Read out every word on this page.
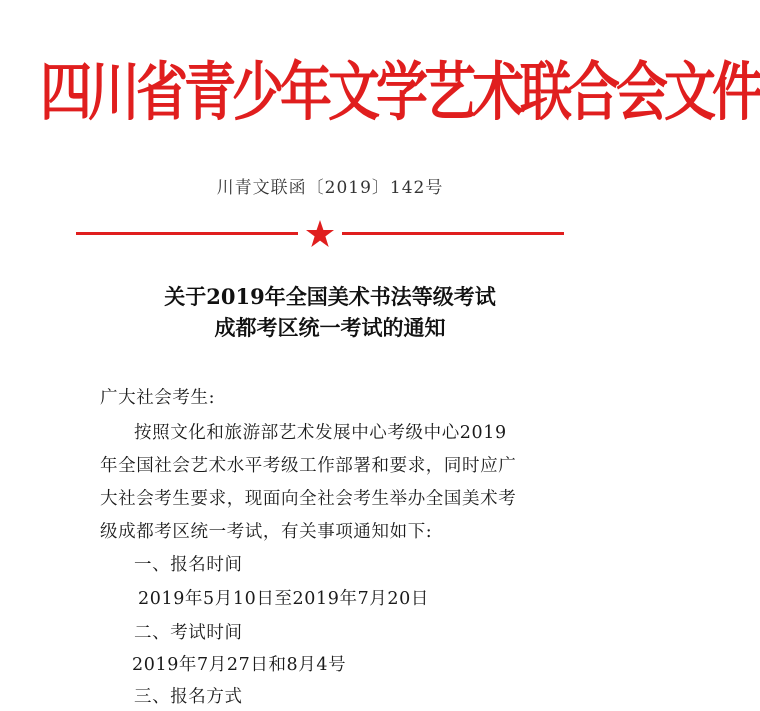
四川省青少年文学艺术联合会文件
川青文联函〔2019〕142号
关于2019年全国美术书法等级考试
成都考区统一考试的通知
广大社会考生:
按照文化和旅游部艺术发展中心考级中心2019
年全国社会艺术水平考级工作部署和要求，同时应广
大社会考生要求，现面向全社会考生举办全国美术考
级成都考区统一考试，有关事项通知如下:
一、报名时间
2019年5月10日至2019年7月20日
二、考试时间
2019年7月27日和8月4号
三、报名方式
